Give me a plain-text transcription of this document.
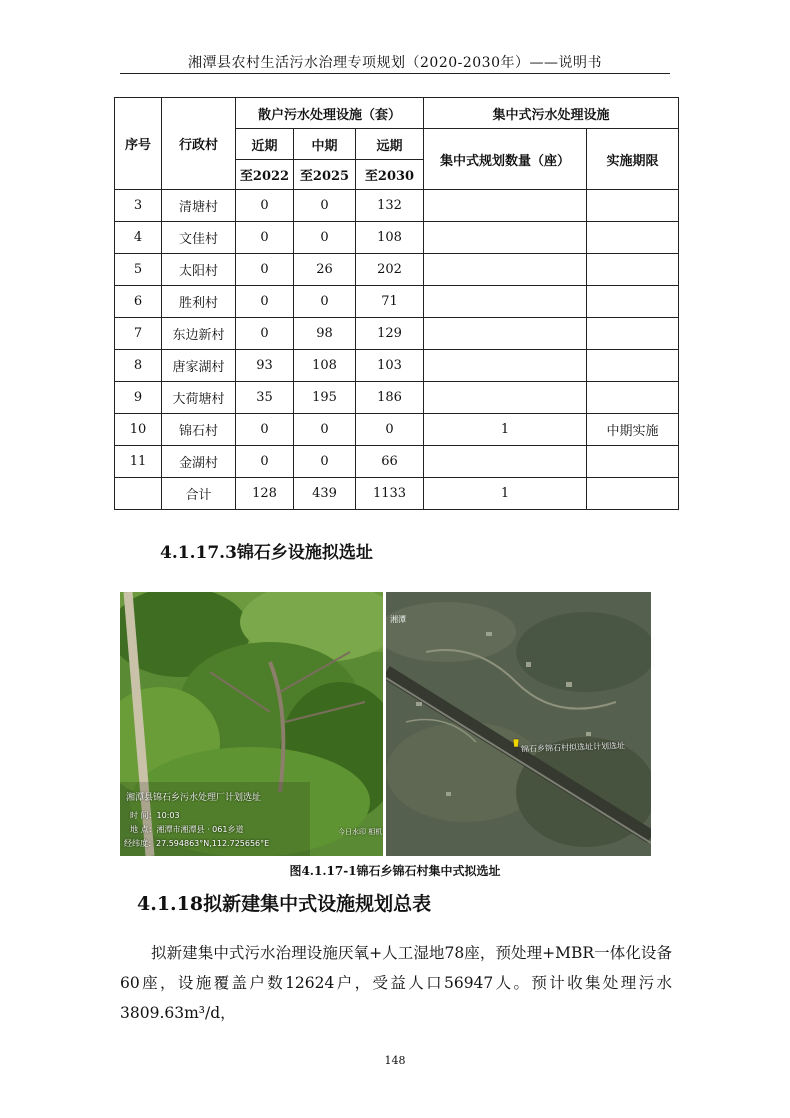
湘潭县农村生活污水治理专项规划（2020-2030年）——说明书
序号	行政村	散户污水处理设施（套）			集中式污水处理设施	
		近期	中期	远期	集中式规划数量（座）	实施期限
		至2022	至2025	至2030		
3	清塘村	0	0	132		
4	文佳村	0	0	108		
5	太阳村	0	26	202		
6	胜利村	0	0	71		
7	东边新村	0	98	129		
8	唐家湖村	93	108	103		
9	大荷塘村	35	195	186		
10	锦石村	0	0	0	1	中期实施
11	金湖村	0	0	66		
	合计	128	439	1133	1	
4.1.17.3锦石乡设施拟选址
湘潭县锦石乡污水处理厂计划选址
时 间：10:03
地 点：湘潭市湘潭县 · 061乡道
经纬度：27.594863°N,112.725656°E
今日水印 相机
湘潭
锦石乡锦石村拟选址计划选址
图4.1.17-1锦石乡锦石村集中式拟选址
4.1.18拟新建集中式设施规划总表
拟新建集中式污水治理设施厌氧+人工湿地78座，预处理+MBR一体化设备60座，设施覆盖户数12624户，受益人口56947人。预计收集处理污水3809.63m³/d，
148
